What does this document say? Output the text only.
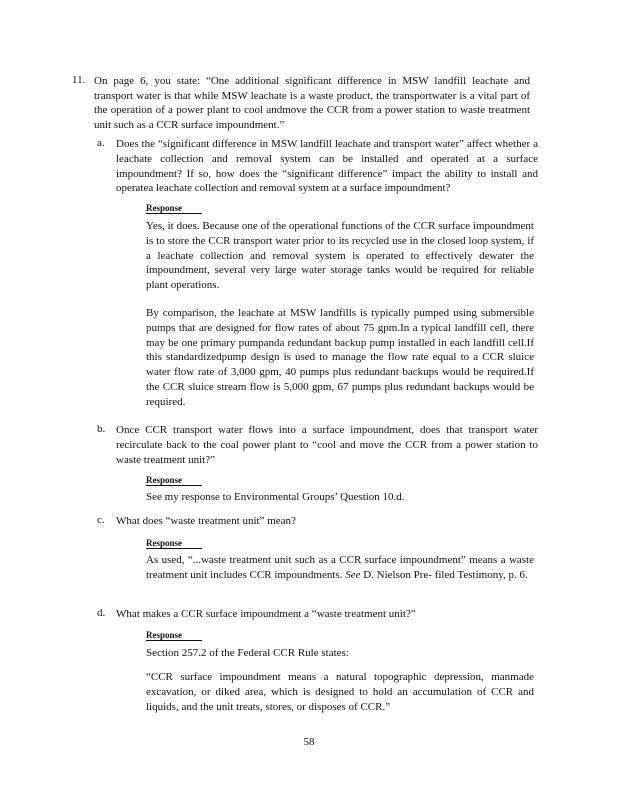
11. On page 6, you state: “One additional significant difference in MSW landfill leachate and transport water is that while MSW leachate is a waste product, the transportwater is a vital part of the operation of a power plant to cool andmove the CCR from a power station to waste treatment unit such as a CCR surface impoundment.”
a. Does the “significant difference in MSW landfill leachate and transport water” affect whether a leachate collection and removal system can be installed and operated at a surface impoundment? If so, how does the “significant difference” impact the ability to install and operatea leachate collection and removal system at a surface impoundment?
Response
Yes, it does. Because one of the operational functions of the CCR surface impoundment is to store the CCR transport water prior to its recycled use in the closed loop system, if a leachate collection and removal system is operated to effectively dewater the impoundment, several very large water storage tanks would be required for reliable plant operations.
By comparison, the leachate at MSW landfills is typically pumped using submersible pumps that are designed for flow rates of about 75 gpm.In a typical landfill cell, there may be one primary pumpanda redundant backup pump installed in each landfill cell.If this standardizedpump design is used to manage the flow rate equal to a CCR sluice water flow rate of 3,000 gpm, 40 pumps plus redundant backups would be required.If the CCR sluice stream flow is 5,000 gpm, 67 pumps plus redundant backups would be required.
b. Once CCR transport water flows into a surface impoundment, does that transport water recirculate back to the coal power plant to “cool and move the CCR from a power station to waste treatment unit?”
Response
See my response to Environmental Groups’ Question 10.d.
c. What does “waste treatment unit” mean?
Response
As used, “...waste treatment unit such as a CCR surface impoundment” means a waste treatment unit includes CCR impoundments. See D. Nielson Pre- filed Testimony, p. 6.
d. What makes a CCR surface impoundment a “waste treatment unit?”
Response
Section 257.2 of the Federal CCR Rule states:
“CCR surface impoundment means a natural topographic depression, manmade excavation, or diked area, which is designed to hold an accumulation of CCR and liquids, and the unit treats, stores, or disposes of CCR.”
58
